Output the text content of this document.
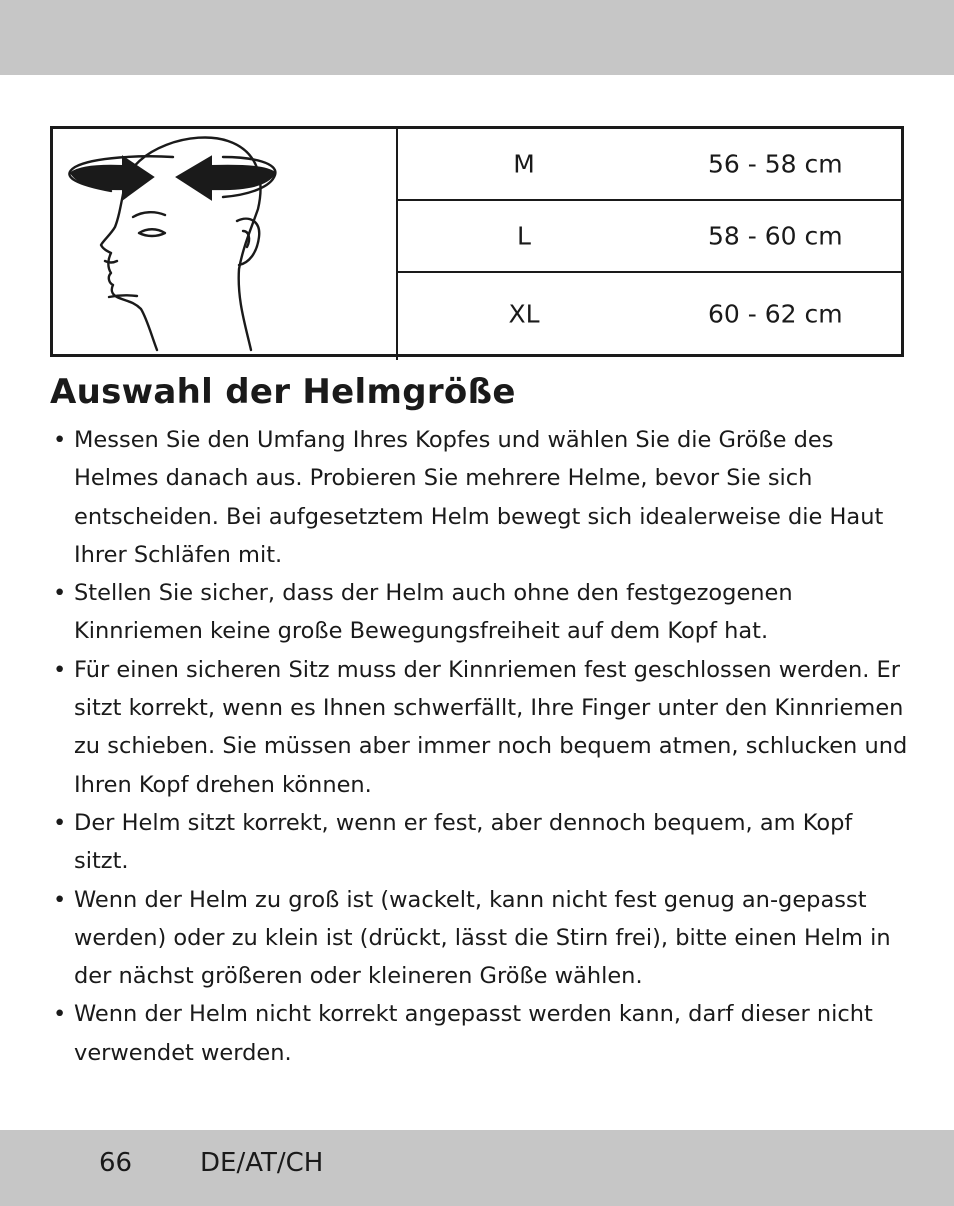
M	56 - 58 cm
L	58 - 60 cm
XL	60 - 62 cm
Auswahl der Helmgröße
• Messen Sie den Umfang Ihres Kopfes und wählen Sie die Größe des Helmes danach aus. Probieren Sie mehrere Helme, bevor Sie sich entscheiden. Bei aufgesetztem Helm bewegt sich idealerweise die Haut Ihrer Schläfen mit.
• Stellen Sie sicher, dass der Helm auch ohne den festgezogenen Kinnriemen keine große Bewegungsfreiheit auf dem Kopf hat.
• Für einen sicheren Sitz muss der Kinnriemen fest geschlossen werden. Er sitzt korrekt, wenn es Ihnen schwerfällt, Ihre Finger unter den Kinnriemen zu schieben. Sie müssen aber immer noch bequem atmen, schlucken und Ihren Kopf drehen können.
• Der Helm sitzt korrekt, wenn er fest, aber dennoch bequem, am Kopf sitzt.
• Wenn der Helm zu groß ist (wackelt, kann nicht fest genug an-gepasst werden) oder zu klein ist (drückt, lässt die Stirn frei), bitte einen Helm in der nächst größeren oder kleineren Größe wählen.
• Wenn der Helm nicht korrekt angepasst werden kann, darf dieser nicht verwendet werden.
66	DE/AT/CH
